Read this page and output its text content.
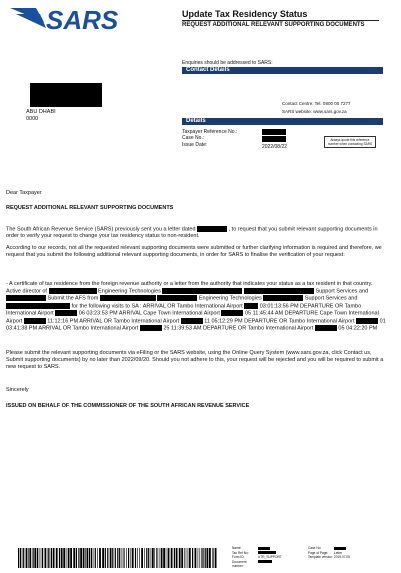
SARS	Update Tax Residency Status
REQUEST ADDITIONAL RELEVANT SUPPORTING DOCUMENTS
Enquiries should be addressed to SARS:
Contact Details
ABU DHABI
0000
Contact Centre: Tel. 0800 00 7277
SARS website: www.sars.gov.za
Details
Taxpayer Reference No.:
Case No.:
Issue Date:	2022/08/22
Always quote this reference number when contacting SARS
Dear Taxpayer
REQUEST ADDITIONAL RELEVANT SUPPORTING DOCUMENTS
The South African Revenue Service (SARS) previously sent you a letter dated	, to request that you submit relevant supporting documents in order to verify your request to change your tax residency status to non-resident.
According to our records, not all the requested relevant supporting documents were submitted or further clarifying information is required and therefore, we request that you submit the following additional relevant supporting documents, in order for SARS to finalise the verification of your request:
- A certificate of tax residence from the foreign revenue authority or a letter from the authority that indicates your status as a tax resident in that country. Active director of	Engineering Technologies	Support Services and  Submit the AFS from	Engineering Technologies	Support Services and  for the following visits to SA : ARRIVAL OR Tambo International Airport	03:01:13:56 PM DEPARTURE OR Tambo International Airport	06 03:23:53 PM ARRIVAL Cape Town International Airport	05 11:45:44 AM DEPARTURE Cape Town International Airport	11:12:16 PM ARRIVAL OR Tambo International Airport	11 05:12:29 PM DEPARTURE OR Tambo International Airport	01 03:41:38 PM ARRIVAL OR Tambo International Airport	25 11:39:53 AM DEPARTURE OR Tambo International Airport	05 04:22:20 PM
Please submit the relevant supporting documents via eFiling or the SARS website, using the Online Query System (www.sars.gov.za, click Contact us, Submit supporting documents) by no later than 2022/09/20. Should you not adhere to this, your request will be rejected and you will be required to submit a new request to SARS.
Sincerely
ISSUED ON BEHALF OF THE COMMISSIONER OF THE SOUTH AFRICAN REVENUE SERVICE
Name:	Case No:
Tax Ref No:	Page of Page:	Letter
Form ID:	UTR_SUPPORT	Template version: 2019.07.05
Document number:
